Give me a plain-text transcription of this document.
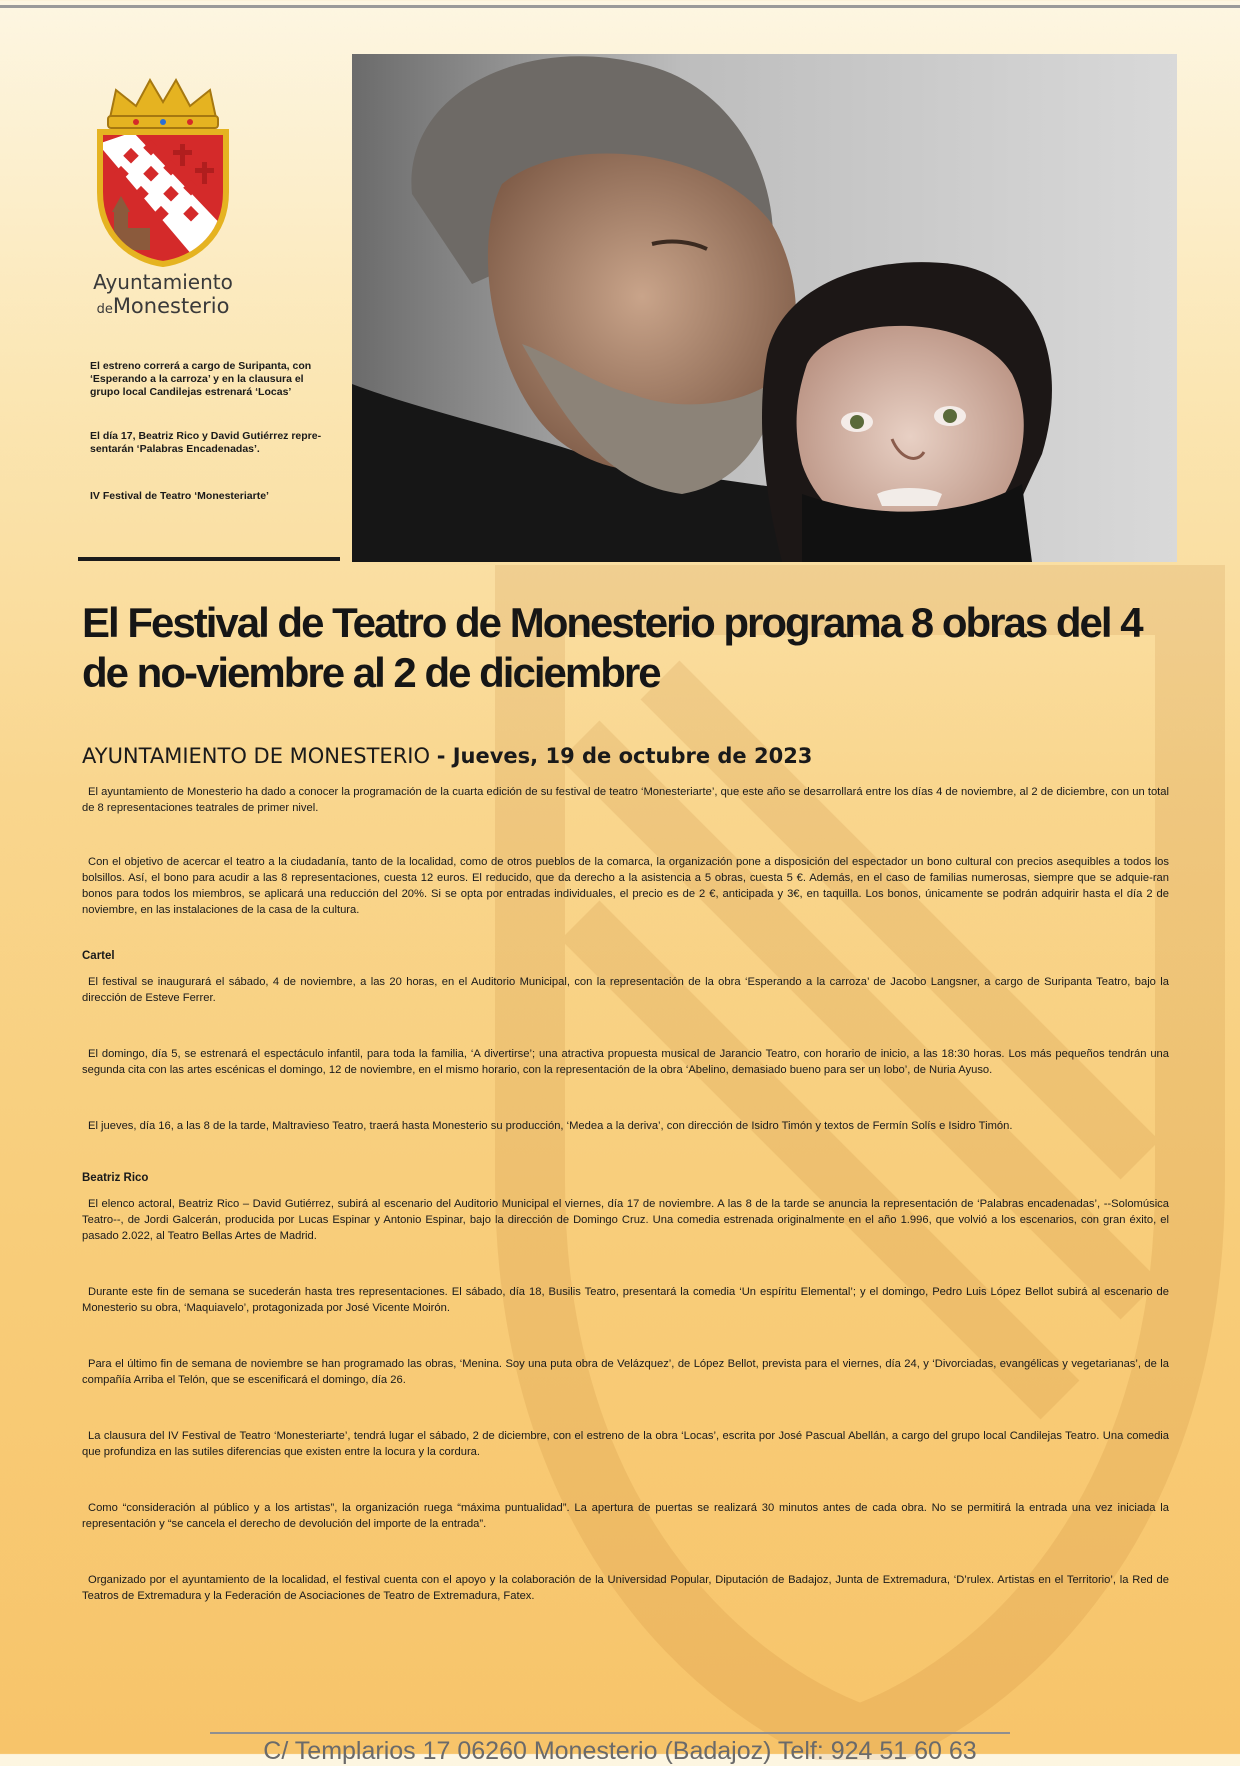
Ayuntamiento
deMonesterio

El estreno correrá a cargo de Suripanta, con ‘Esperando a la carroza’ y en la clausura el grupo local Candilejas estrenará ‘Locas’

El día 17, Beatriz Rico y David Gutiérrez repre-sentarán ‘Palabras Encadenadas’.

IV Festival de Teatro ‘Monesteriarte’

El Festival de Teatro de Monesterio programa 8 obras del 4 de no-viembre al 2 de diciembre
AYUNTAMIENTO DE MONESTERIO - Jueves, 19 de octubre de 2023

El ayuntamiento de Monesterio ha dado a conocer la programación de la cuarta edición de su festival de teatro ‘Monesteriarte’, que este año se desarrollará entre los días 4 de noviembre, al 2 de diciembre, con un total de 8 representaciones teatrales de primer nivel.

Con el objetivo de acercar el teatro a la ciudadanía, tanto de la localidad, como de otros pueblos de la comarca, la organización pone a disposición del espectador un bono cultural con precios asequibles a todos los bolsillos. Así, el bono para acudir a las 8 representaciones, cuesta 12 euros. El reducido, que da derecho a la asistencia a 5 obras, cuesta 5 €. Además, en el caso de familias numerosas, siempre que se adquie-ran bonos para todos los miembros, se aplicará una reducción del 20%. Si se opta por entradas individuales, el precio es de 2 €, anticipada y 3€, en taquilla. Los bonos, únicamente se podrán adquirir hasta el día 2 de noviembre, en las instalaciones de la casa de la cultura.

Cartel

El festival se inaugurará el sábado, 4 de noviembre, a las 20 horas, en el Auditorio Municipal, con la representación de la obra ‘Esperando a la carroza’ de Jacobo Langsner, a cargo de Suripanta Teatro, bajo la dirección de Esteve Ferrer.

El domingo, día 5, se estrenará el espectáculo infantil, para toda la familia, ‘A divertirse’; una atractiva propuesta musical de Jarancio Teatro, con horario de inicio, a las 18:30 horas. Los más pequeños tendrán una segunda cita con las artes escénicas el domingo, 12 de noviembre, en el mismo horario, con la representación de la obra ‘Abelino, demasiado bueno para ser un lobo’, de Nuria Ayuso.

El jueves, día 16, a las 8 de la tarde, Maltravieso Teatro, traerá hasta Monesterio su producción, ‘Medea a la deriva’, con dirección de Isidro Timón y textos de Fermín Solís e Isidro Timón.

Beatriz Rico

El elenco actoral, Beatriz Rico – David Gutiérrez, subirá al escenario del Auditorio Municipal el viernes, día 17 de noviembre. A las 8 de la tarde se anuncia la representación de ‘Palabras encadenadas’, --Solomúsica Teatro--, de Jordi Galcerán, producida por Lucas Espinar y Antonio Espinar, bajo la dirección de Domingo Cruz. Una comedia estrenada originalmente en el año 1.996, que volvió a los escenarios, con gran éxito, el pasado 2.022, al Teatro Bellas Artes de Madrid.

Durante este fin de semana se sucederán hasta tres representaciones. El sábado, día 18, Busilis Teatro, presentará la comedia ‘Un espíritu Elemental’; y el domingo, Pedro Luis López Bellot subirá al escenario de Monesterio su obra, ‘Maquiavelo’, protagonizada por José Vicente Moirón.

Para el último fin de semana de noviembre se han programado las obras, ‘Menina. Soy una puta obra de Velázquez’, de López Bellot, prevista para el viernes, día 24, y ‘Divorciadas, evangélicas y vegetarianas’, de la compañía Arriba el Telón, que se escenificará el domingo, día 26.

La clausura del IV Festival de Teatro ‘Monesteriarte’, tendrá lugar el sábado, 2 de diciembre, con el estreno de la obra ‘Locas’, escrita por José Pascual Abellán, a cargo del grupo local Candilejas Teatro. Una comedia que profundiza en las sutiles diferencias que existen entre la locura y la cordura.

Como “consideración al público y a los artistas”, la organización ruega “máxima puntualidad”. La apertura de puertas se realizará 30 minutos antes de cada obra. No se permitirá la entrada una vez iniciada la representación y “se cancela el derecho de devolución del importe de la entrada”.

Organizado por el ayuntamiento de la localidad, el festival cuenta con el apoyo y la colaboración de la Universidad Popular, Diputación de Badajoz, Junta de Extremadura, ‘D’rulex. Artistas en el Territorio’, la Red de Teatros de Extremadura y la Federación de Asociaciones de Teatro de Extremadura, Fatex.

C/ Templarios 17 06260 Monesterio (Badajoz) Telf: 924 51 60 63
